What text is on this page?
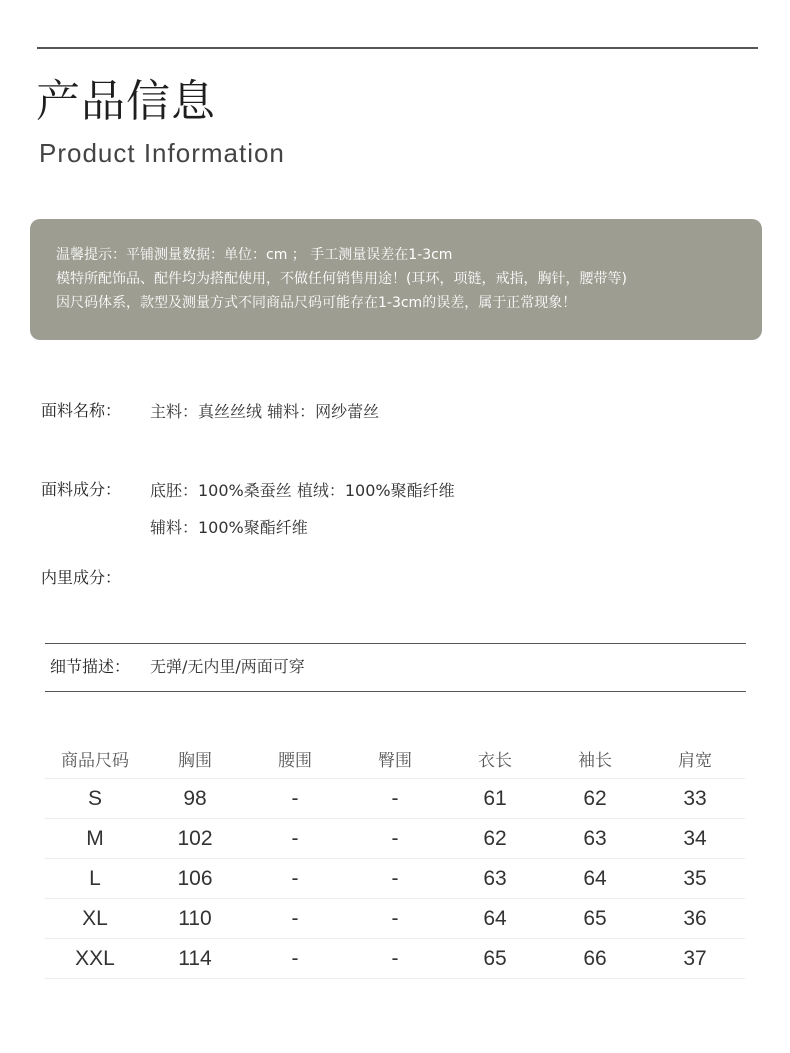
产品信息
Product Information
温馨提示：平铺测量数据：单位：cm ； 手工测量误差在1-3cm
模特所配饰品、配件均为搭配使用，不做任何销售用途！(耳环，项链，戒指，胸针，腰带等)
因尺码体系，款型及测量方式不同商品尺码可能存在1-3cm的误差，属于正常现象！
面料名称： 主料：真丝丝绒 辅料：网纱蕾丝
面料成分： 底胚：100%桑蚕丝 植绒：100%聚酯纤维
辅料：100%聚酯纤维
内里成分：
细节描述： 无弹/无内里/两面可穿
商品尺码	胸围	腰围	臀围	衣长	袖长	肩宽
S	98	-	-	61	62	33
M	102	-	-	62	63	34
L	106	-	-	63	64	35
XL	110	-	-	64	65	36
XXL	114	-	-	65	66	37
